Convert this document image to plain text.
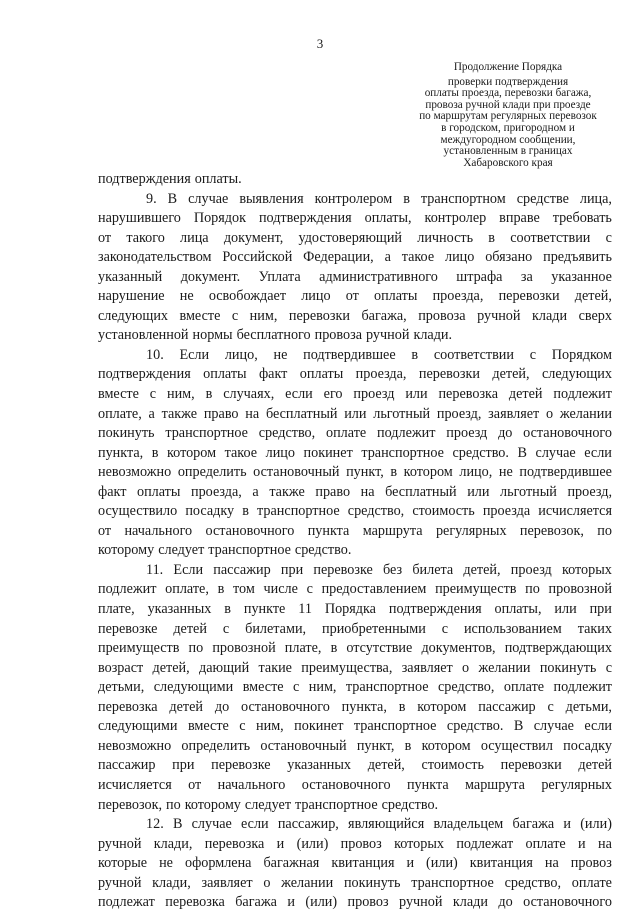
3
Продолжение Порядка
проверки подтверждения
оплаты проезда, перевозки багажа,
провоза ручной клади при проезде
по маршрутам регулярных перевозок
в городском, пригородном и
междугородном сообщении,
установленным в границах
Хабаровского края
подтверждения оплаты.
9. В случае выявления контролером в транспортном средстве лица,
нарушившего Порядок подтверждения оплаты, контролер вправе требовать
от такого лица документ, удостоверяющий личность в соответствии с
законодательством Российской Федерации, а такое лицо обязано предъявить
указанный документ. Уплата административного штрафа за указанное
нарушение не освобождает лицо от оплаты проезда, перевозки детей,
следующих вместе с ним, перевозки багажа, провоза ручной клади сверх
установленной нормы бесплатного провоза ручной клади.
10. Если лицо, не подтвердившее в соответствии с Порядком
подтверждения оплаты факт оплаты проезда, перевозки детей, следующих
вместе с ним, в случаях, если его проезд или перевозка детей подлежит
оплате, а также право на бесплатный или льготный проезд, заявляет о желании
покинуть транспортное средство, оплате подлежит проезд до остановочного
пункта, в котором такое лицо покинет транспортное средство. В случае если
невозможно определить остановочный пункт, в котором лицо, не подтвердившее
факт оплаты проезда, а также право на бесплатный или льготный проезд,
осуществило посадку в транспортное средство, стоимость проезда исчисляется
от начального остановочного пункта маршрута регулярных перевозок, по
которому следует транспортное средство.
11. Если пассажир при перевозке без билета детей, проезд которых
подлежит оплате, в том числе с предоставлением преимуществ по провозной
плате, указанных в пункте 11 Порядка подтверждения оплаты, или при
перевозке детей с билетами, приобретенными с использованием таких
преимуществ по провозной плате, в отсутствие документов, подтверждающих
возраст детей, дающий такие преимущества, заявляет о желании покинуть с
детьми, следующими вместе с ним, транспортное средство, оплате подлежит
перевозка детей до остановочного пункта, в котором пассажир с детьми,
следующими вместе с ним, покинет транспортное средство. В случае если
невозможно определить остановочный пункт, в котором осуществил посадку
пассажир при перевозке указанных детей, стоимость перевозки детей
исчисляется от начального остановочного пункта маршрута регулярных
перевозок, по которому следует транспортное средство.
12. В случае если пассажир, являющийся владельцем багажа и (или)
ручной клади, перевозка и (или) провоз которых подлежат оплате и на
которые не оформлена багажная квитанция и (или) квитанция на провоз
ручной клади, заявляет о желании покинуть транспортное средство, оплате
подлежат перевозка багажа и (или) провоз ручной клади до остановочного
